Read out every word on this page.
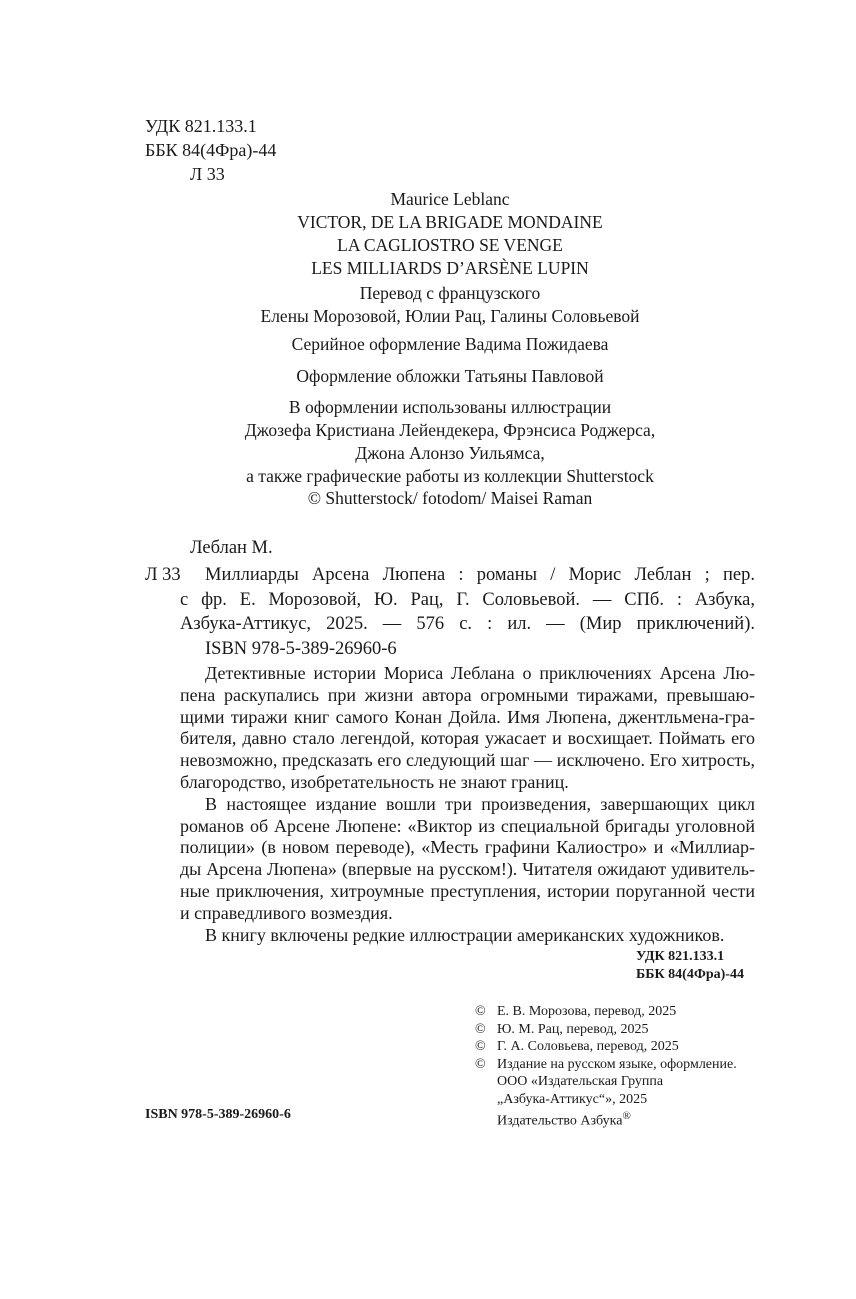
УДК 821.133.1
ББК 84(4Фра)-44
Л 33
Maurice Leblanc
VICTOR, DE LA BRIGADE MONDAINE
LA CAGLIOSTRO SE VENGE
LES MILLIARDS D’ARSÈNE LUPIN
Перевод с французского
Елены Морозовой, Юлии Рац, Галины Соловьевой
Серийное оформление Вадима Пожидаева
Оформление обложки Татьяны Павловой
В оформлении использованы иллюстрации
Джозефа Кристиана Лейендекера, Фрэнсиса Роджерса,
Джона Алонзо Уильямса,
а также графические работы из коллекции Shutterstock
© Shutterstock/ fotodom/ Maisei Raman
Леблан М.
Л 33	Миллиарды Арсена Люпена : романы / Морис Леблан ; пер.
с фр. Е. Морозовой, Ю. Рац, Г. Соловьевой. — СПб. : Азбука,
Азбука-Аттикус, 2025. — 576 с. : ил. — (Мир приключений).
ISBN 978-5-389-26960-6
Детективные истории Мориса Леблана о приключениях Арсена Лю-
пена раскупались при жизни автора огромными тиражами, превышаю-
щими тиражи книг самого Конан Дойла. Имя Люпена, джентльмена-гра-
бителя, давно стало легендой, которая ужасает и восхищает. Поймать его
невозможно, предсказать его следующий шаг — исключено. Его хитрость,
благородство, изобретательность не знают границ.
В настоящее издание вошли три произведения, завершающих цикл
романов об Арсене Люпене: «Виктор из специальной бригады уголовной
полиции» (в новом переводе), «Месть графини Калиостро» и «Миллиар-
ды Арсена Люпена» (впервые на русском!). Читателя ожидают удивитель-
ные приключения, хитроумные преступления, истории поруганной чести
и справедливого возмездия.
В книгу включены редкие иллюстрации американских художников.
УДК 821.133.1
ББК 84(4Фра)-44
© Е. В. Морозова, перевод, 2025
© Ю. М. Рац, перевод, 2025
© Г. А. Соловьева, перевод, 2025
© Издание на русском языке, оформление.
ООО «Издательская Группа
„Азбука-Аттикус“», 2025
Издательство Азбука®
ISBN 978-5-389-26960-6
